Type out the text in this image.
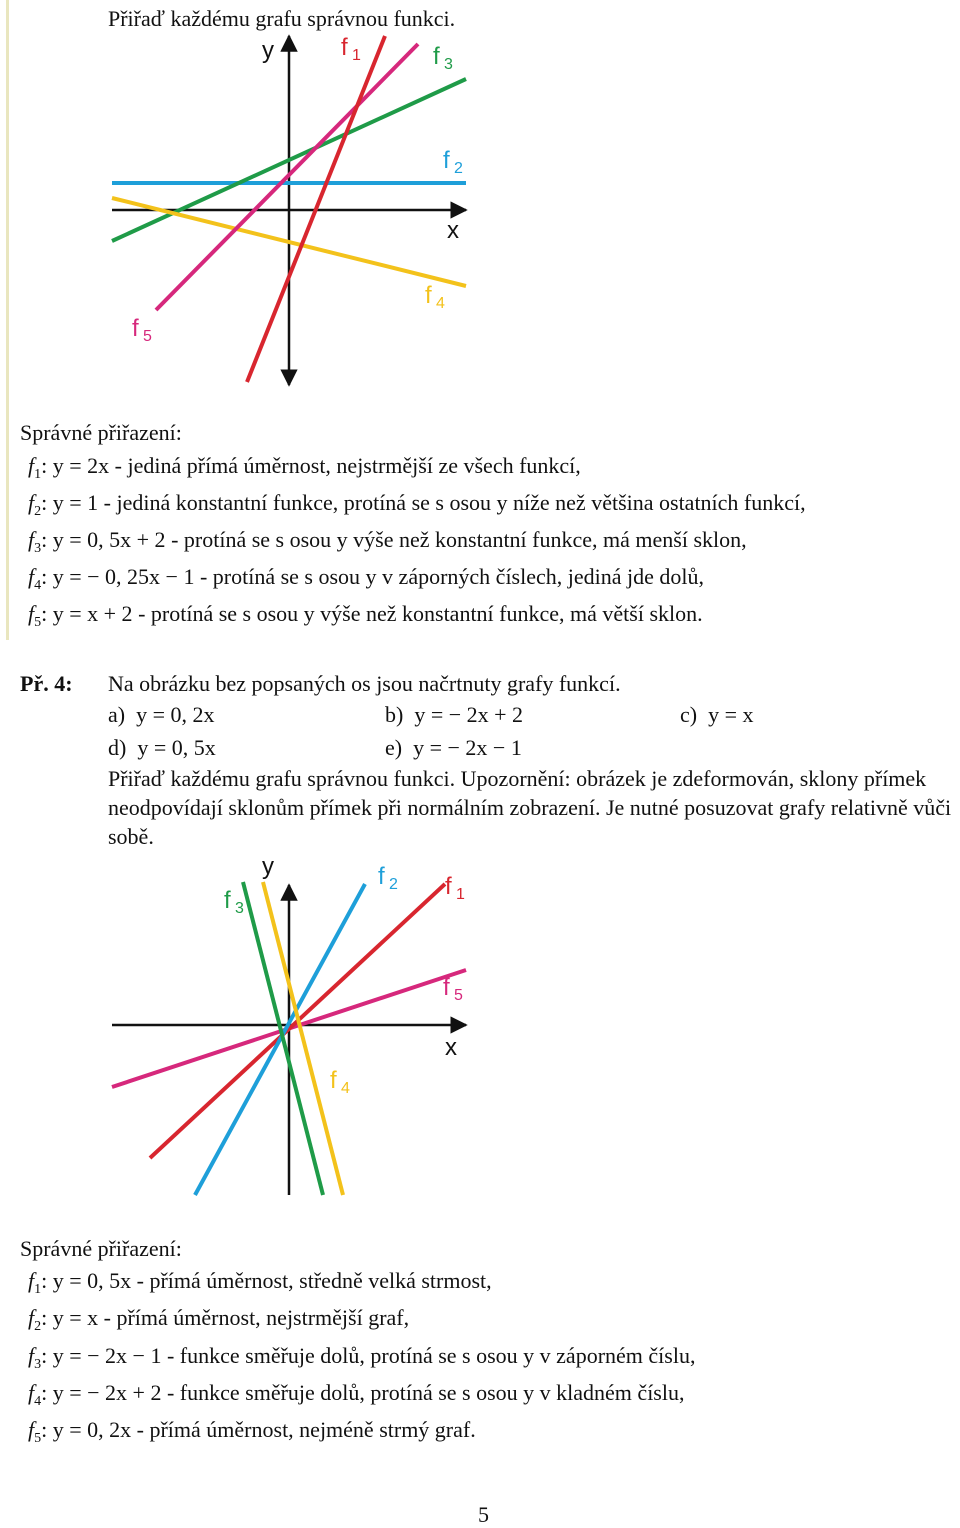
Přiřaď každému grafu správnou funkci.
y
x
f 1	f 3
f 2
f 4
f 5
Správné přiřazení:
$f_1$: y = 2x - jediná přímá úměrnost, nejstrmější ze všech funkcí,
$f_2$: y = 1 - jediná konstantní funkce, protíná se s osou y níže než většina ostatních funkcí,
$f_3$: y = 0, 5x + 2 - protíná se s osou y výše než konstantní funkce, má menší sklon,
$f_4$: y = − 0, 25x − 1 - protíná se s osou y v záporných číslech, jediná jde dolů,
$f_5$: y = x + 2 - protíná se s osou y výše než konstantní funkce, má větší sklon.
Př. 4: Na obrázku bez popsaných os jsou načrtnuty grafy funkcí.
a) y = 0, 2x	b) y = − 2x + 2	c) y = x
d) y = 0, 5x	e) y = − 2x − 1
Přiřaď každému grafu správnou funkci. Upozornění: obrázek je zdeformován, sklony přímek neodpovídají sklonům přímek při normálním zobrazení. Je nutné posuzovat grafy relativně vůči sobě.
y
x
f 3
f 2 f 1
f 5
f 4
Správné přiřazení:
$f_1$: y = 0, 5x - přímá úměrnost, středně velká strmost,
$f_2$: y = x - přímá úměrnost, nejstrmější graf,
$f_3$: y = − 2x − 1 - funkce směřuje dolů, protíná se s osou y v záporném číslu,
$f_4$: y = − 2x + 2 - funkce směřuje dolů, protíná se s osou y v kladném číslu,
$f_5$: y = 0, 2x - přímá úměrnost, nejméně strmý graf.
5
